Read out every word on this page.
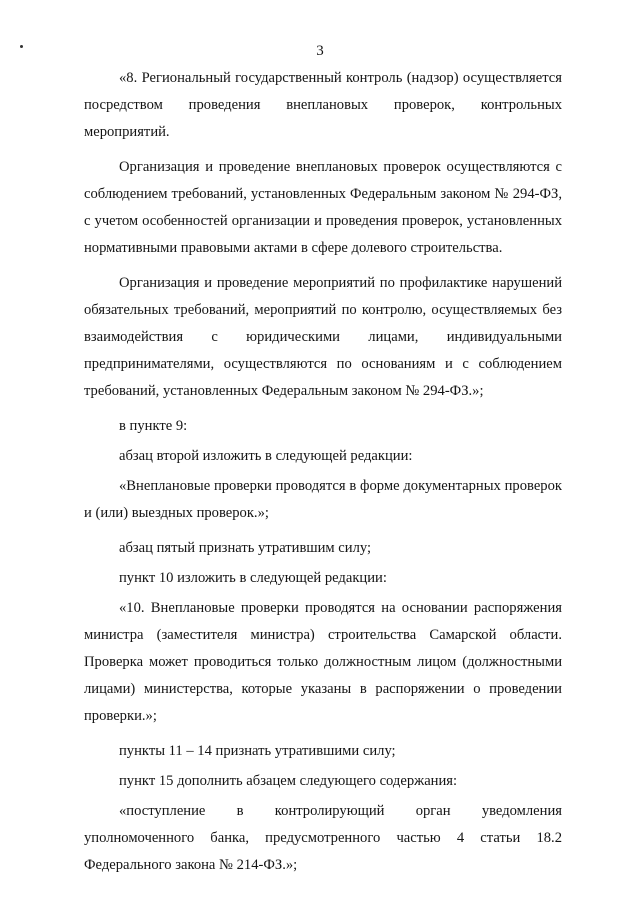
3

«8. Региональный государственный контроль (надзор) осуществляется посредством проведения внеплановых проверок, контрольных мероприятий.

Организация и проведение внеплановых проверок осуществляются с соблюдением требований, установленных Федеральным законом № 294-ФЗ, с учетом особенностей организации и проведения проверок, установленных нормативными правовыми актами в сфере долевого строительства.

Организация и проведение мероприятий по профилактике нарушений обязательных требований, мероприятий по контролю, осуществляемых без взаимодействия с юридическими лицами, индивидуальными предпринимателями, осуществляются по основаниям и с соблюдением требований, установленных Федеральным законом № 294-ФЗ.»;

в пункте 9:

абзац второй изложить в следующей редакции:

«Внеплановые проверки проводятся в форме документарных проверок и (или) выездных проверок.»;

абзац пятый признать утратившим силу;

пункт 10 изложить в следующей редакции:

«10. Внеплановые проверки проводятся на основании распоряжения министра (заместителя министра) строительства Самарской области. Проверка может проводиться только должностным лицом (должностными лицами) министерства, которые указаны в распоряжении о проведении проверки.»;

пункты 11 – 14 признать утратившими силу;

пункт 15 дополнить абзацем следующего содержания:

«поступление в контролирующий орган уведомления уполномоченного банка, предусмотренного частью 4 статьи 18.2 Федерального закона № 214-ФЗ.»;
